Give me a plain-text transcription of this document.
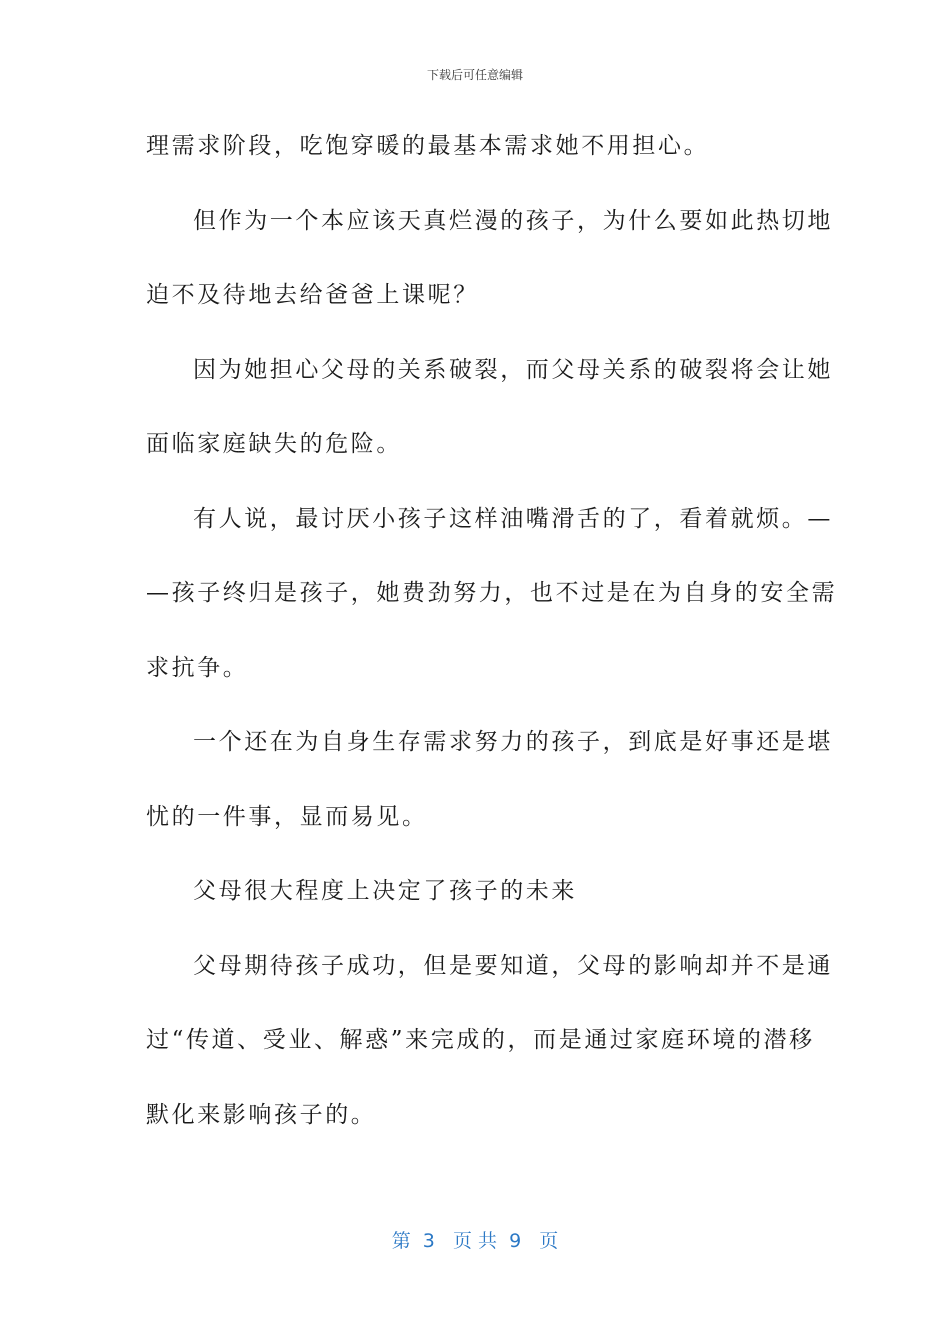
下载后可任意编辑
理需求阶段，吃饱穿暖的最基本需求她不用担心。
但作为一个本应该天真烂漫的孩子，为什么要如此热切地
迫不及待地去给爸爸上课呢？
因为她担心父母的关系破裂，而父母关系的破裂将会让她
面临家庭缺失的危险。
有人说，最讨厌小孩子这样油嘴滑舌的了，看着就烦。—
—孩子终归是孩子，她费劲努力，也不过是在为自身的安全需
求抗争。
一个还在为自身生存需求努力的孩子，到底是好事还是堪
忧的一件事，显而易见。
父母很大程度上决定了孩子的未来
父母期待孩子成功，但是要知道，父母的影响却并不是通
过“传道、受业、解惑”来完成的，而是通过家庭环境的潜移
默化来影响孩子的。
第  3   页 共  9   页
